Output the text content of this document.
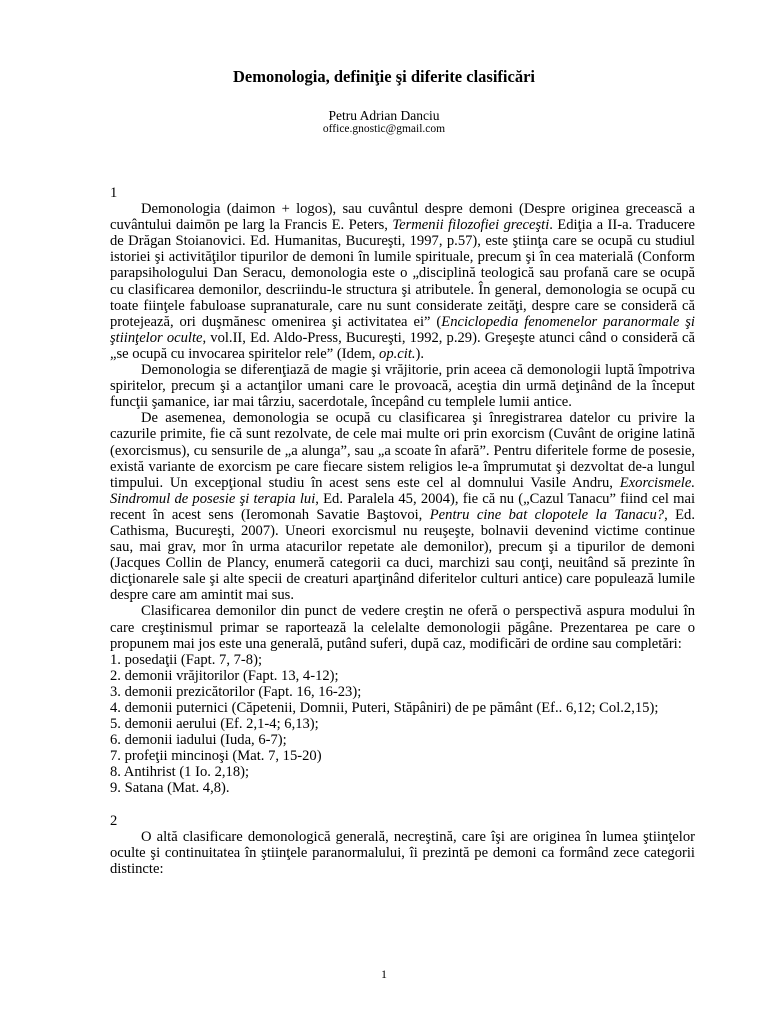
Demonologia, definiţie şi diferite clasificări
Petru Adrian Danciu
office.gnostic@gmail.com

1

Demonologia (daimon + logos), sau cuvântul despre demoni (Despre originea grecească a cuvântului daimōn pe larg la Francis E. Peters, Termenii filozofiei greceşti. Ediţia a II-a. Traducere de Drăgan Stoianovici. Ed. Humanitas, Bucureşti, 1997, p.57), este ştiinţa care se ocupă cu studiul istoriei şi activităţilor tipurilor de demoni în lumile spirituale, precum şi în cea materială (Conform parapsihologului Dan Seracu, demonologia este o „disciplină teologică sau profană care se ocupă cu clasificarea demonilor, descriindu-le structura şi atributele. În general, demonologia se ocupă cu toate fiinţele fabuloase supranaturale, care nu sunt considerate zeităţi, despre care se consideră că protejează, ori duşmănesc omenirea şi activitatea ei” (Enciclopedia fenomenelor paranormale şi ştiinţelor oculte, vol.II, Ed. Aldo-Press, Bucureşti, 1992, p.29). Greşeşte atunci când o consideră că „se ocupă cu invocarea spiritelor rele” (Idem, op.cit.).

Demonologia se diferenţiază de magie şi vrăjitorie, prin aceea că demonologii luptă împotriva spiritelor, precum şi a actanţilor umani care le provoacă, aceştia din urmă deţinând de la început funcţii şamanice, iar mai târziu, sacerdotale, începând cu templele lumii antice.

De asemenea, demonologia se ocupă cu clasificarea şi înregistrarea datelor cu privire la cazurile primite, fie că sunt rezolvate, de cele mai multe ori prin exorcism (Cuvânt de origine latină (exorcismus), cu sensurile de „a alunga”, sau „a scoate în afară”. Pentru diferitele forme de posesie, există variante de exorcism pe care fiecare sistem religios le-a împrumutat şi dezvoltat de-a lungul timpului. Un excepţional studiu în acest sens este cel al domnului Vasile Andru, Exorcismele. Sindromul de posesie şi terapia lui, Ed. Paralela 45, 2004), fie că nu („Cazul Tanacu” fiind cel mai recent în acest sens (Ieromonah Savatie Baştovoi, Pentru cine bat clopotele la Tanacu?, Ed. Cathisma, Bucureşti, 2007). Uneori exorcismul nu reuşeşte, bolnavii devenind victime continue sau, mai grav, mor în urma atacurilor repetate ale demonilor), precum şi a tipurilor de demoni (Jacques Collin de Plancy, enumeră categorii ca duci, marchizi sau conţi, neuitând să prezinte în dicţionarele sale şi alte specii de creaturi aparţinând diferitelor culturi antice) care populează lumile despre care am amintit mai sus.

Clasificarea demonilor din punct de vedere creştin ne oferă o perspectivă aspura modului în care creştinismul primar se raportează la celelalte demonologii păgâne. Prezentarea pe care o propunem mai jos este una generală, putând suferi, după caz, modificări de ordine sau completări:

1. posedaţii (Fapt. 7, 7-8);
2. demonii vrăjitorilor (Fapt. 13, 4-12);
3. demonii prezicătorilor (Fapt. 16, 16-23);
4. demonii puternici (Căpetenii, Domnii, Puteri, Stăpâniri) de pe pământ (Ef.. 6,12; Col.2,15);
5. demonii aerului (Ef. 2,1-4; 6,13);
6. demonii iadului (Iuda, 6-7);
7. profeţii mincinoşi (Mat. 7, 15-20)
8. Antihrist (1 Io. 2,18);
9. Satana (Mat. 4,8).

2

O altă clasificare demonologică generală, necreştină, care îşi are originea în lumea ştiinţelor oculte şi continuitatea în ştiinţele paranormalului, îi prezintă pe demoni ca formând zece categorii distincte:

1
